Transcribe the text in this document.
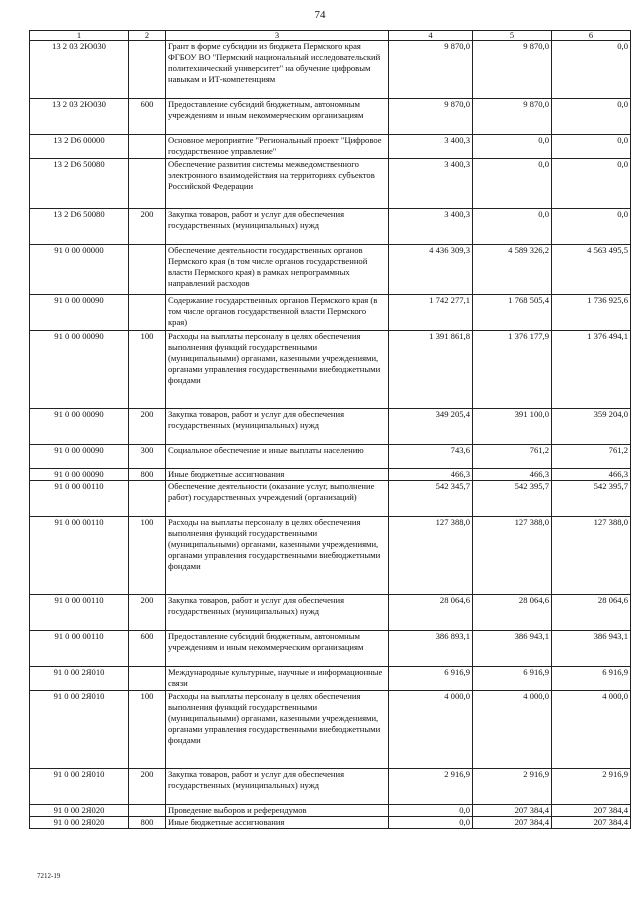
74
1	2	3	4	5	6
13 2 03 2Ю030		Грант в форме субсидии из бюджета Пермского края ФГБОУ ВО "Пермский национальный исследовательский политехнический университет" на обучение цифровым навыкам и ИТ-компетенциям	9 870,0	9 870,0	0,0
13 2 03 2Ю030	600	Предоставление субсидий бюджетным, автономным учреждениям и иным некоммерческим организациям	9 870,0	9 870,0	0,0
13 2 D6 00000		Основное мероприятие "Региональный проект "Цифровое государственное управление"	3 400,3	0,0	0,0
13 2 D6 50080		Обеспечение развития системы межведомственного электронного взаимодействия на территориях субъектов Российской Федерации	3 400,3	0,0	0,0
13 2 D6 50080	200	Закупка товаров, работ и услуг для обеспечения государственных (муниципальных) нужд	3 400,3	0,0	0,0
91 0 00 00000		Обеспечение деятельности государственных органов Пермского края (в том числе органов государственной власти Пермского края) в рамках непрограммных направлений расходов	4 436 309,3	4 589 326,2	4 563 495,5
91 0 00 00090		Содержание государственных органов Пермского края (в том числе органов государственной власти Пермского края)	1 742 277,1	1 768 505,4	1 736 925,6
91 0 00 00090	100	Расходы на выплаты персоналу в целях обеспечения выполнения функций государственными (муниципальными) органами, казенными учреждениями, органами управления государственными внебюджетными фондами	1 391 861,8	1 376 177,9	1 376 494,1
91 0 00 00090	200	Закупка товаров, работ и услуг для обеспечения государственных (муниципальных) нужд	349 205,4	391 100,0	359 204,0
91 0 00 00090	300	Социальное обеспечение и иные выплаты населению	743,6	761,2	761,2
91 0 00 00090	800	Иные бюджетные ассигнования	466,3	466,3	466,3
91 0 00 00110		Обеспечение деятельности (оказание услуг, выполнение работ) государственных учреждений (организаций)	542 345,7	542 395,7	542 395,7
91 0 00 00110	100	Расходы на выплаты персоналу в целях обеспечения выполнения функций государственными (муниципальными) органами, казенными учреждениями, органами управления государственными внебюджетными фондами	127 388,0	127 388,0	127 388,0
91 0 00 00110	200	Закупка товаров, работ и услуг для обеспечения государственных (муниципальных) нужд	28 064,6	28 064,6	28 064,6
91 0 00 00110	600	Предоставление субсидий бюджетным, автономным учреждениям и иным некоммерческим организациям	386 893,1	386 943,1	386 943,1
91 0 00 2Я010		Международные культурные, научные и информационные связи	6 916,9	6 916,9	6 916,9
91 0 00 2Я010	100	Расходы на выплаты персоналу в целях обеспечения выполнения функций государственными (муниципальными) органами, казенными учреждениями, органами управления государственными внебюджетными фондами	4 000,0	4 000,0	4 000,0
91 0 00 2Я010	200	Закупка товаров, работ и услуг для обеспечения государственных (муниципальных) нужд	2 916,9	2 916,9	2 916,9
91 0 00 2Я020		Проведение выборов и референдумов	0,0	207 384,4	207 384,4
91 0 00 2Я020	800	Иные бюджетные ассигнования	0,0	207 384,4	207 384,4
7212-19
